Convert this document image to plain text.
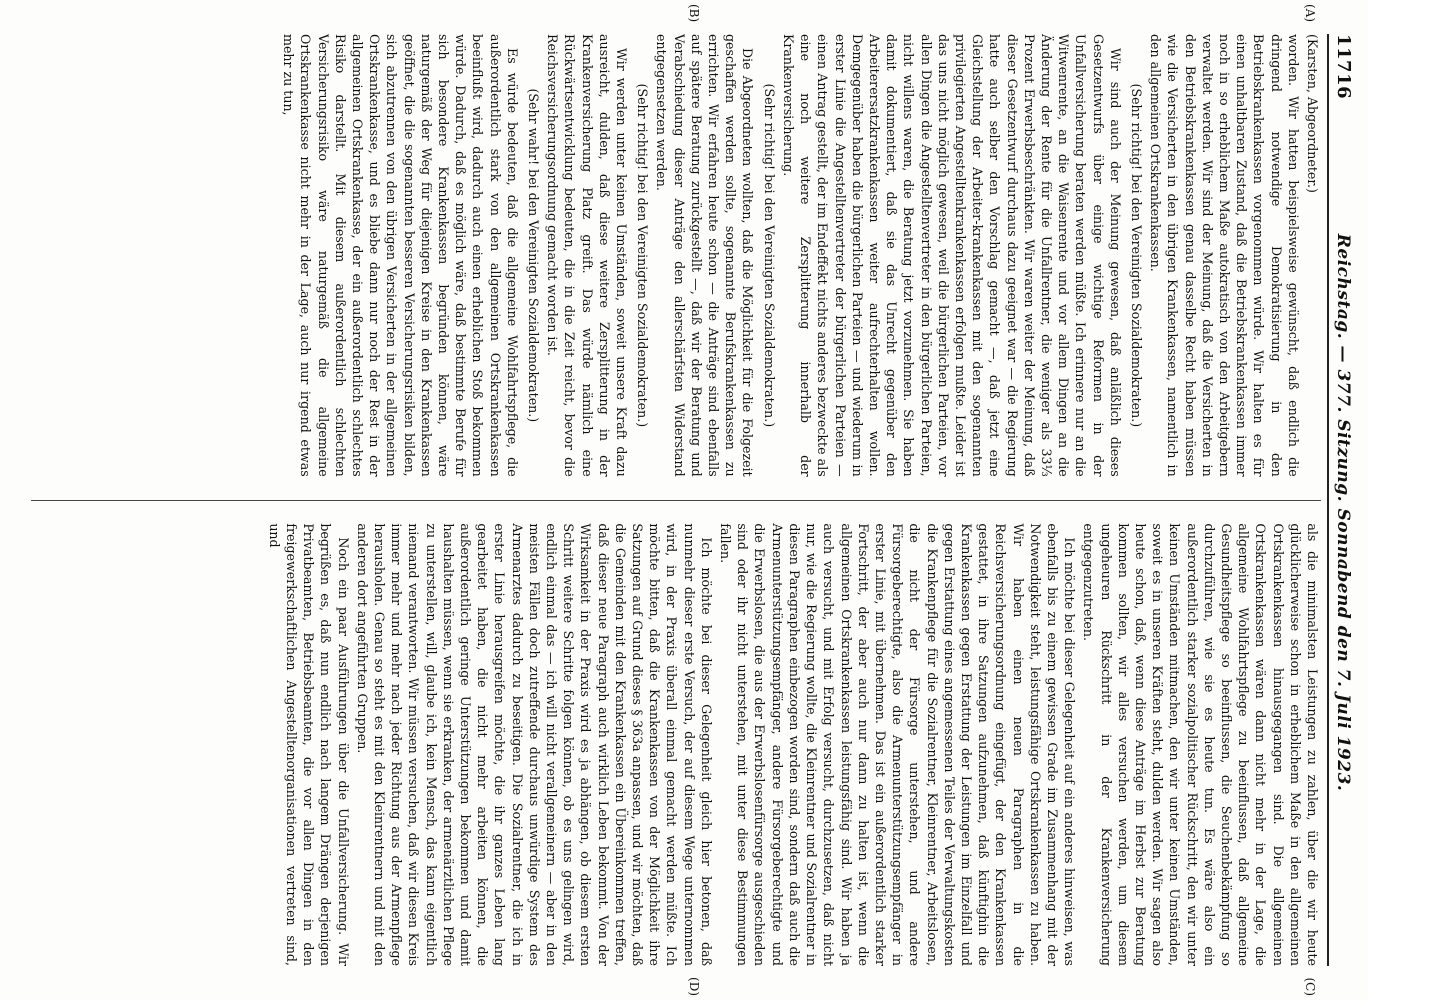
11716
Reichstag. — 377. Sitzung. Sonnabend den 7. Juli 1923.
(A)
(B)
(C)
(D)

(Karsten, Abgeordneter.)

worden. Wir hatten beispielsweise gewünscht, daß endlich die dringend notwendige Demokratisierung in den Betriebskrankenkassen vorgenommen würde. Wir halten es für einen unhaltbaren Zustand, daß die Betriebskrankenkassen immer noch in so erheblichem Maße autokratisch von den Arbeitgebern verwaltet werden. Wir sind der Meinung, daß die Versicherten in den Betriebskrankenkassen genau dasselbe Recht haben müssen wie die Versicherten in den übrigen Krankenkassen, namentlich in den allgemeinen Ortskrankenkassen.

(Sehr richtig! bei den Vereinigten Sozialdemokraten.)

Wir sind auch der Meinung gewesen, daß anläßlich dieses Gesetzentwurfs über einige wichtige Reformen in der Unfallversicherung beraten werden müßte. Ich erinnere nur an die Witwenrente, an die Waisenrente und vor allem Dingen an die Änderung der Rente für die Unfallrentner, die weniger als 33⅓ Prozent Erwerbsbeschränkten. Wir waren weiter der Meinung, daß dieser Gesetzentwurf durchaus dazu geeignet war — die Regierung hatte auch selber den Vorschlag gemacht —, daß jetzt eine Gleichstellung der Arbeiter-krankenkassen mit den sogenannten privilegierten Angestelltenkrankenkassen erfolgen mußte. Leider ist das uns nicht möglich gewesen, weil die bürgerlichen Parteien, vor allen Dingen die Angestelltenvertreter in den bürgerlichen Parteien, nicht willens waren, die Beratung jetzt vorzunehmen. Sie haben damit dokumentiert, daß sie das Unrecht gegenüber den Arbeiterersatzkrankenkassen weiter aufrechterhalten wollen. Demgegenüber haben die bürgerlichen Parteien — und wiederum in erster Linie die Angestelltenvertreter der bürgerlichen Parteien — einen Antrag gestellt, der im Endeffekt nichts anderes bezweckte als eine noch weitere Zersplitterung innerhalb der Krankenversicherung.

(Sehr richtig! bei den Vereinigten Sozialdemokraten.)

Die Abgeordneten wollten, daß die Möglichkeit für die Folgezeit geschaffen werden sollte, sogenannte Berufskrankenkassen zu errichten. Wir erfahren heute schon — die Anträge sind ebenfalls auf spätere Beratung zurückgestellt —, daß wir der Beratung und Verabschiedung dieser Anträge den allerschärfsten Widerstand entgegensetzen werden.

(Sehr richtig! bei den Vereinigten Sozialdemokraten.)

Wir werden unter keinen Umständen, soweit unsere Kraft dazu ausreicht, dulden, daß diese weitere Zersplitterung in der Krankenversicherung Platz greift. Das würde nämlich eine Rückwärtsentwicklung bedeuten, die in die Zeit reicht, bevor die Reichsversicherungsordnung gemacht worden ist.

(Sehr wahr! bei den Vereinigten Sozialdemokraten.)

Es würde bedeuten, daß die allgemeine Wohlfahrtspflege, die außerordentlich stark von den allgemeinen Ortskrankenkassen beeinflußt wird, dadurch auch einen erheblichen Stoß bekommen würde. Dadurch, daß es möglich wäre, daß bestimmte Berufe für sich besondere Krankenkassen begründen können, wäre naturgemäß der Weg für diejenigen Kreise in den Krankenkassen geöffnet, die die sogenannten besseren Versicherungsrisiken bilden, sich abzutrennen von den übrigen Versicherten in der allgemeinen Ortskrankenkasse, und es bliebe dann nur noch der Rest in der allgemeinen Ortskrankenkasse, der ein außerordentlich schlechtes Risiko darstellt. Mit diesem außerordentlich schlechten Versicherungsrisiko wäre naturgemäß die allgemeine Ortskrankenkasse nicht mehr in der Lage, auch nur irgend etwas mehr zu tun,

als die minimalsten Leistungen zu zahlen, über die wir heute glücklicherweise schon in erheblichem Maße in den allgemeinen Ortskrankenkassen hinausgegangen sind. Die allgemeinen Ortskrankenkassen wären dann nicht mehr in der Lage, die allgemeine Wohlfahrtspflege zu beeinflussen, daß allgemeine Gesundheitspflege so beeinflussen, die Seuchenbekämpfung so durchzuführen, wie sie es heute tun. Es wäre also ein außerordentlich starker sozialpolitischer Rückschritt, den wir unter keinen Umständen mitmachen, den wir unter keinen Umständen, soweit es in unseren Kräften steht, dulden werden. Wir sagen also heute schon, daß, wenn diese Anträge im Herbst zur Beratung kommen sollten, wir alles versuchen werden, um diesem ungeheuren Rückschritt in der Krankenversicherung entgegenzutreten.

Ich möchte bei dieser Gelegenheit auf ein anderes hinweisen, was ebenfalls bis zu einem gewissen Grade im Zusammenhang mit der Notwendigkeit steht, leistungsfähige Ortskrankenkassen zu haben. Wir haben einen neuen Paragraphen in die Reichsversicherungsordnung eingefügt, der den Krankenkassen gestattet, in ihre Satzungen aufzunehmen, daß künftighin die Krankenkassen gegen Erstattung der Leistungen im Einzelfall und gegen Erstattung eines angemessenen Teiles der Verwaltungskosten die Krankenpflege für die Sozialrentner, Kleinrentner, Arbeitslosen, die nicht der Fürsorge unterstehen, und andere Fürsorgeberechtigte, also die Armenunterstützungsempfänger in erster Linie, mit übernehmen. Das ist ein außerordentlich starker Fortschritt, der aber auch nur dann zu halten ist, wenn die allgemeinen Ortskrankenkassen leistungsfähig sind. Wir haben ja auch versucht, und mit Erfolg versucht, durchzusetzen, daß nicht nur, wie die Regierung wollte, die Kleinrentner und Sozialrentner in diesen Paragraphen einbezogen worden sind, sondern daß auch die Armenunterstützungsempfänger, andere Fürsorgeberechtigte und die Erwerbslosen, die aus der Erwerbslosenfürsorge ausgeschieden sind oder ihr nicht unterstehen, mit unter diese Bestimmungen fallen.

Ich möchte bei dieser Gelegenheit gleich hier betonen, daß nunmehr dieser erste Versuch, der auf diesem Wege unternommen wird, in der Praxis überall einmal gemacht werden müßte. Ich möchte bitten, daß die Krankenkassen von der Möglichkeit ihre Satzungen auf Grund dieses § 363a anpassen, und wir möchten, daß die Gemeinden mit den Krankenkassen ein Übereinkommen treffen, daß dieser neue Paragraph auch wirklich Leben bekommt. Von der Wirksamkeit in der Praxis wird es ja abhängen, ob diesem ersten Schritt weitere Schritte folgen können, ob es uns gelingen wird, endlich einmal das — ich will nicht verallgemeinern — aber in den meisten Fällen doch zutreffende durchaus unwürdige System des Armenarztes dadurch zu beseitigen. Die Sozialrentner, die ich in erster Linie herausgreifen möchte, die ihr ganzes Leben lang gearbeitet haben, die nicht mehr arbeiten können, die außerordentlich geringe Unterstützungen bekommen und damit haushalten müssen, wenn sie erkranken, der armenärztlichen Pflege zu unterstellen, will, glaube ich, kein Mensch, das kann eigentlich niemand verantworten. Wir müssen versuchen, daß wir diesen Kreis immer mehr und mehr nach jeder Richtung aus der Armenpflege herausholen. Genau so steht es mit den Kleinrentnern und mit den anderen dort angeführten Gruppen.

Noch ein paar Ausführungen über die Unfallversicherung. Wir begrüßen es, daß nun endlich nach langem Drängen derjenigen Privatbeamten, Betriebsbeamten, die vor allen Dingen in den freigewerkschaftlichen Angestelltenorganisationen vertreten sind, und
